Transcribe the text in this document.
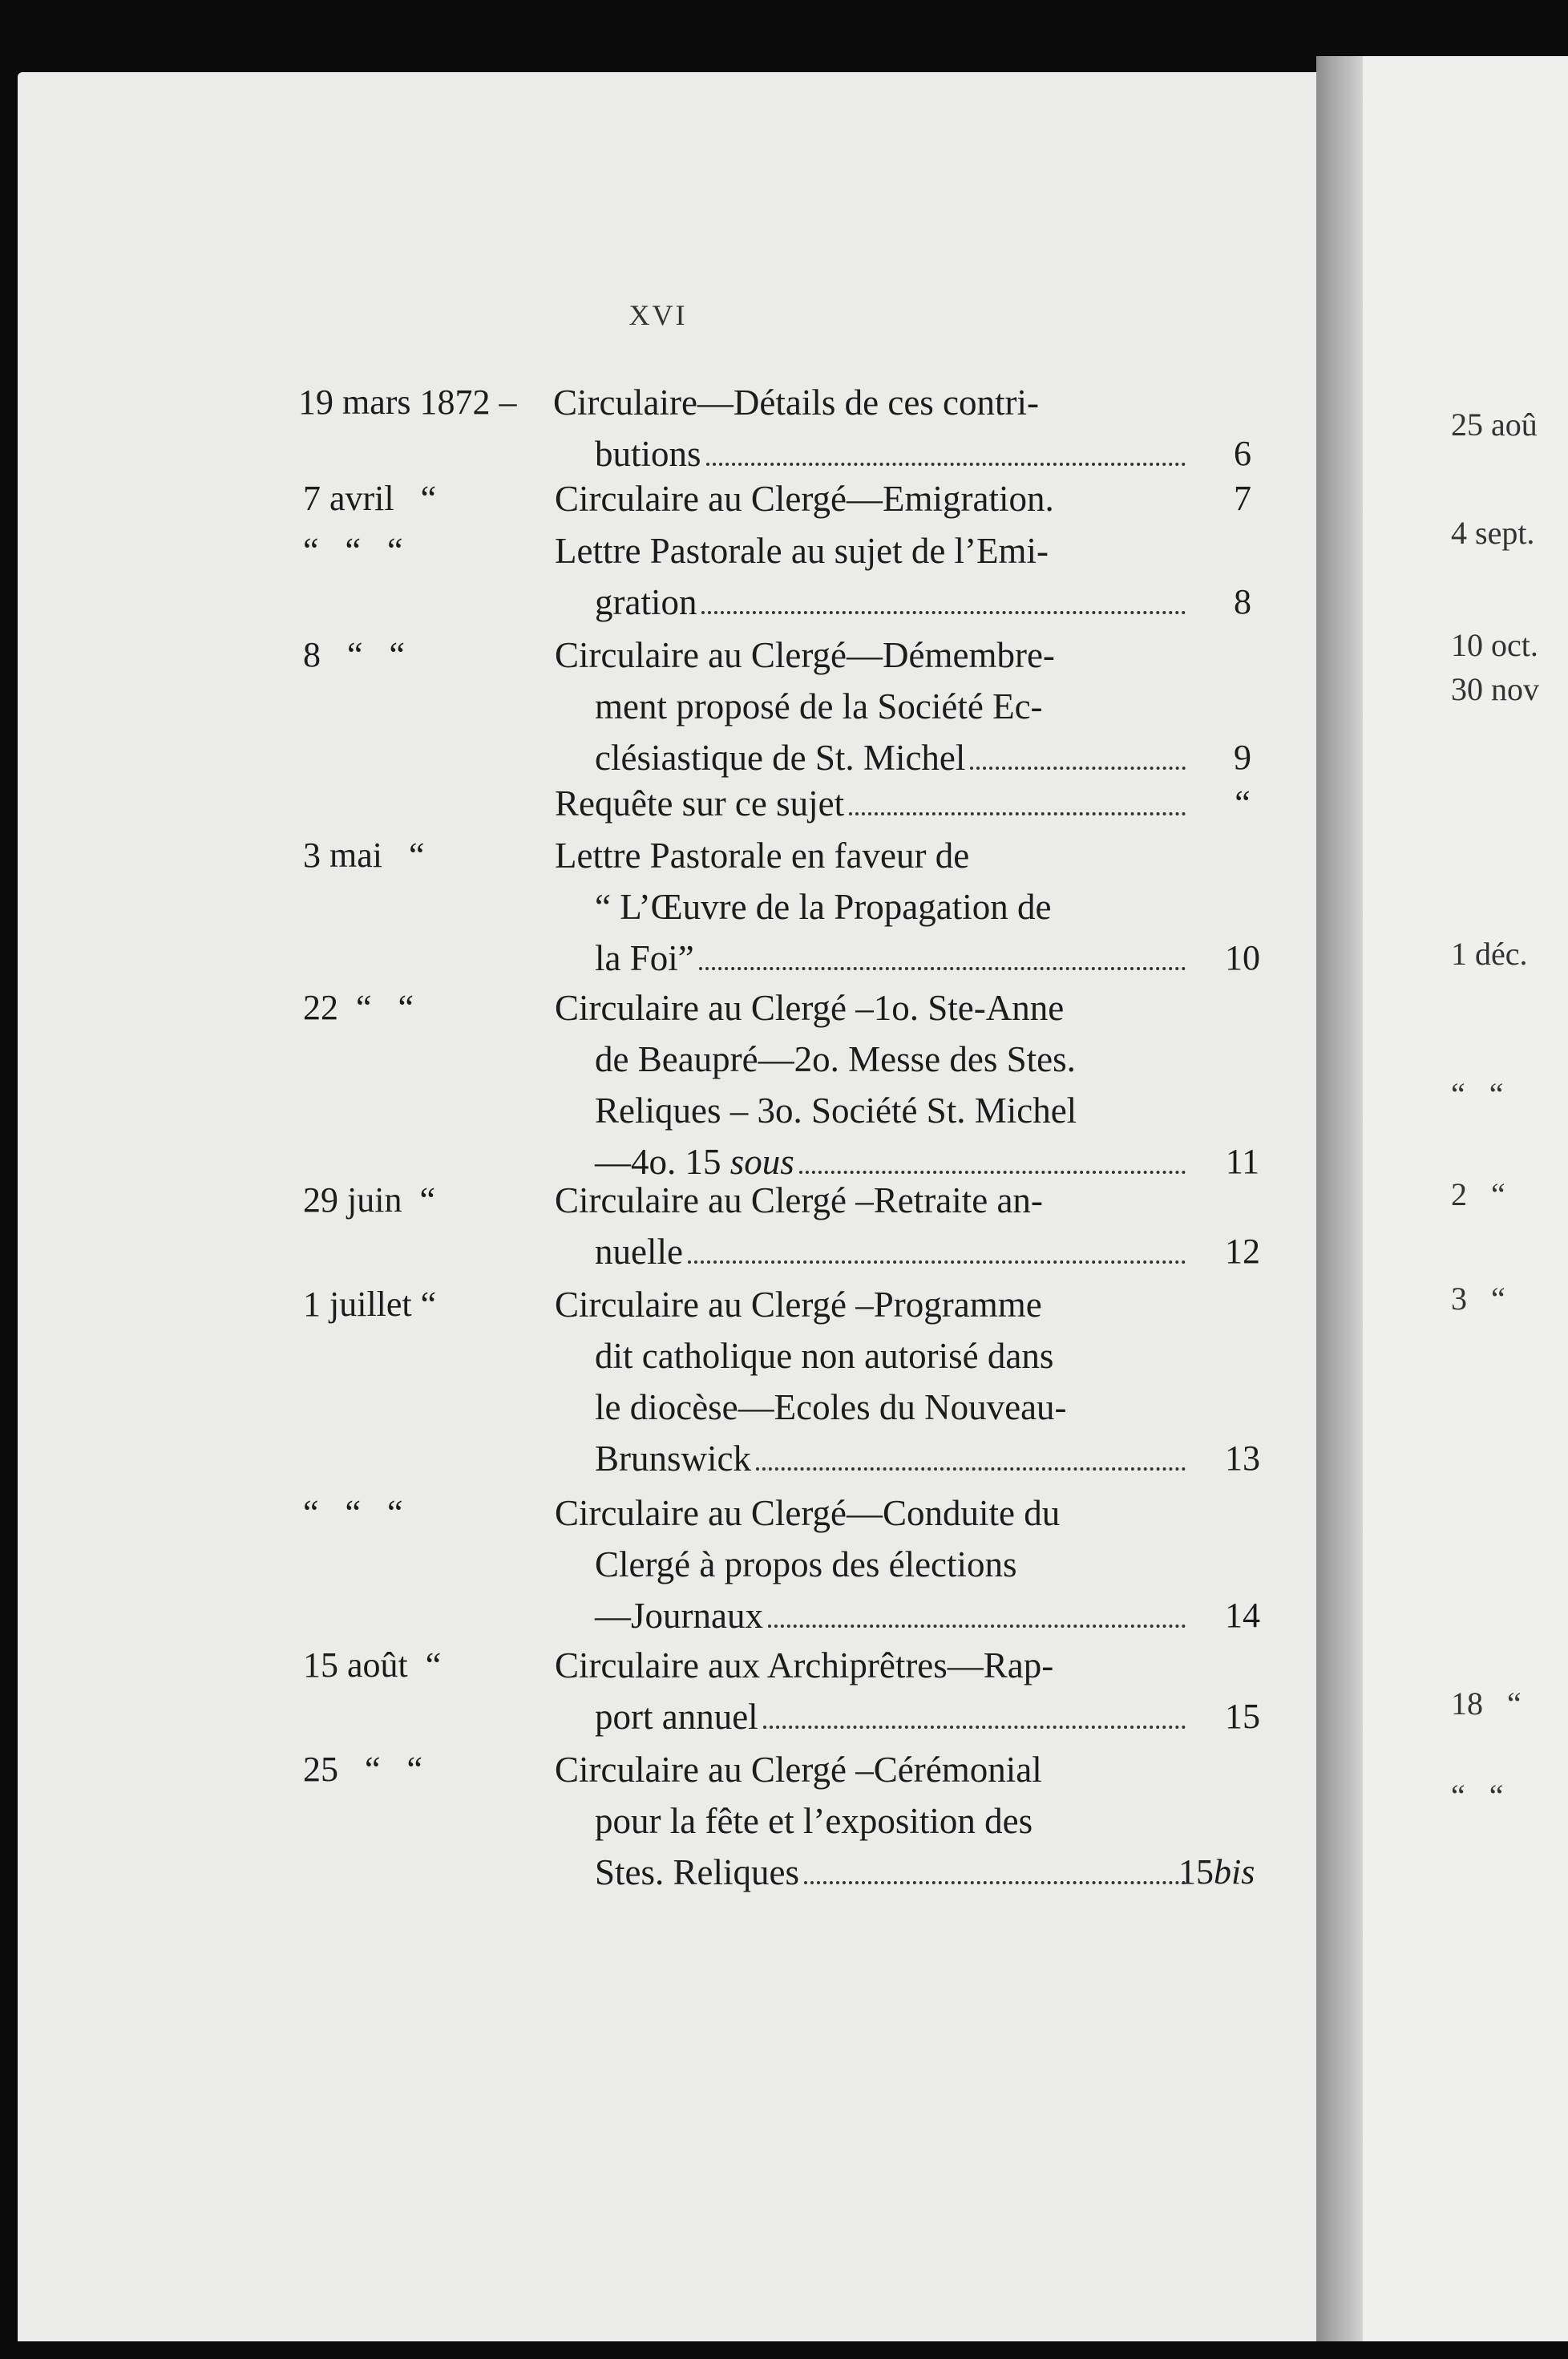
XVI
19 mars 1872 – Circulaire—Détails de ces contri-
butions	6
7 avril   “	Circulaire au Clergé—Emigration.	7
“   “   “	Lettre Pastorale au sujet de l’Emi-
gration	8
8   “   “	Circulaire au Clergé—Démembre-
ment proposé de la Société Ec-
clésiastique de St. Michel	9
Requête sur ce sujet	“
3 mai   “	Lettre Pastorale en faveur de
“ L’Œuvre de la Propagation de
la Foi”	10
22  “   “	Circulaire au Clergé –1o. Ste-Anne
de Beaupré—2o. Messe des Stes.
Reliques – 3o. Société St. Michel
—4o. 15 sous	11
29 juin  “	Circulaire au Clergé –Retraite an-
nuelle	12
1 juillet “	Circulaire au Clergé –Programme
dit catholique non autorisé dans
le diocèse—Ecoles du Nouveau-
Brunswick	13
“   “   “	Circulaire au Clergé—Conduite du
Clergé à propos des élections
—Journaux	14
15 août  “	Circulaire aux Archiprêtres—Rap-
port annuel	15
25   “   “	Circulaire au Clergé –Cérémonial
pour la fête et l’exposition des
Stes. Reliques	15bis
25 aoû
4 sept.
10 oct.
30 nov
1 déc.
“   “
2   “
3   “
18   “
“   “
